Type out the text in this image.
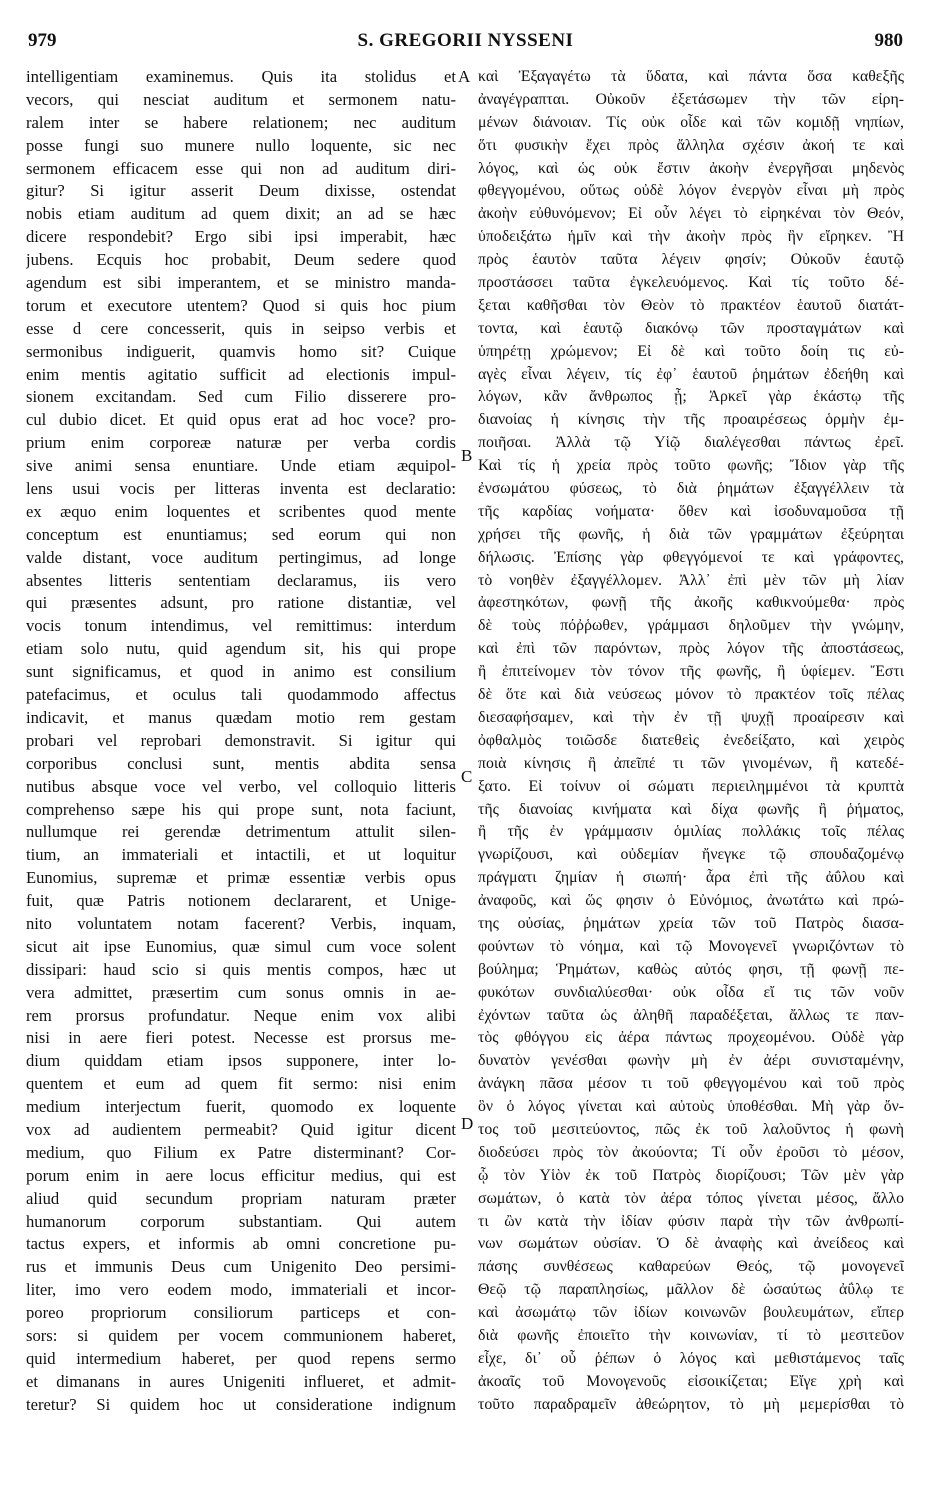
979	S. GREGORII NYSSENI	980
intelligentiam examinemus. Quis ita stolidus et
vecors, qui nesciat auditum et sermonem natu-
ralem inter se habere relationem; nec auditum
posse fungi suo munere nullo loquente, sic nec
sermonem efficacem esse qui non ad auditum diri-
gitur? Si igitur asserit Deum dixisse, ostendat
nobis etiam auditum ad quem dixit; an ad se hæc
dicere respondebit? Ergo sibi ipsi imperabit, hæc
jubens. Ecquis hoc probabit, Deum sedere quod
agendum est sibi imperantem, et se ministro manda-
torum et executore utentem? Quod si quis hoc pium
esse d cere concesserit, quis in seipso verbis et
sermonibus indiguerit, quamvis homo sit? Cuique
enim mentis agitatio sufficit ad electionis impul-
sionem excitandam. Sed cum Filio disserere pro-
cul dubio dicet. Et quid opus erat ad hoc voce? pro-
prium enim corporeæ naturæ per verba cordis
sive animi sensa enuntiare. Unde etiam æquipol-
lens usui vocis per litteras inventa est declaratio:
ex æquo enim loquentes et scribentes quod mente
conceptum est enuntiamus; sed eorum qui non
valde distant, voce auditum pertingimus, ad longe
absentes litteris sententiam declaramus, iis vero
qui præsentes adsunt, pro ratione distantiæ, vel
vocis tonum intendimus, vel remittimus: interdum
etiam solo nutu, quid agendum sit, his qui prope
sunt significamus, et quod in animo est consilium
patefacimus, et oculus tali quodammodo affectus
indicavit, et manus quædam motio rem gestam
probari vel reprobari demonstravit. Si igitur qui
corporibus conclusi sunt, mentis abdita sensa
nutibus absque voce vel verbo, vel colloquio litteris
comprehenso sæpe his qui prope sunt, nota faciunt,
nullumque rei gerendæ detrimentum attulit silen-
tium, an immateriali et intactili, et ut loquitur
Eunomius, supremæ et primæ essentiæ verbis opus
fuit, quæ Patris notionem declararent, et Unige-
nito voluntatem notam facerent? Verbis, inquam,
sicut ait ipse Eunomius, quæ simul cum voce solent
dissipari: haud scio si quis mentis compos, hæc ut
vera admittet, præsertim cum sonus omnis in ae-
rem prorsus profundatur. Neque enim vox alibi
nisi in aere fieri potest. Necesse est prorsus me-
dium quiddam etiam ipsos supponere, inter lo-
quentem et eum ad quem fit sermo: nisi enim
medium interjectum fuerit, quomodo ex loquente
vox ad audientem permeabit? Quid igitur dicent
medium, quo Filium ex Patre disterminant? Cor-
porum enim in aere locus efficitur medius, qui est
aliud quid secundum propriam naturam præter
humanorum corporum substantiam. Qui autem
tactus expers, et informis ab omni concretione pu-
rus et immunis Deus cum Unigenito Deo persimi-
liter, imo vero eodem modo, immateriali et incor-
poreo propriorum consiliorum particeps et con-
sors: si quidem per vocem communionem haberet,
quid intermedium haberet, per quod repens sermo
et dimanans in aures Unigeniti influeret, et admit-
teretur? Si quidem hoc ut considerationе indignum
A
B
C
D
καὶ Ἐξαγαγέτω τὰ ὕδατα, καὶ πάντα ὅσα καθεξῆς
ἀναγέγραπται. Οὐκοῦν ἐξετάσωμεν τὴν τῶν εἰρη-
μένων διάνοιαν. Τίς οὐκ οἶδε καὶ τῶν κομιδῇ νηπίων,
ὅτι φυσικὴν ἔχει πρὸς ἄλληλα σχέσιν ἀκοή τε καὶ
λόγος, καὶ ὡς οὐκ ἔστιν ἀκοὴν ἐνεργῆσαι μηδενὸς
φθεγγομένου, οὕτως οὐδὲ λόγον ἐνεργὸν εἶναι μὴ πρὸς
ἀκοὴν εὐθυνόμενον; Εἰ οὖν λέγει τὸ εἰρηκέναι τὸν Θεόν,
ὑποδειξάτω ἡμῖν καὶ τὴν ἀκοὴν πρὸς ἣν εἴρηκεν. Ἢ
πρὸς ἑαυτὸν ταῦτα λέγειν φησίν; Οὐκοῦν ἑαυτῷ
προστάσσει ταῦτα ἐγκελευόμενος. Καὶ τίς τοῦτο δέ-
ξεται καθῆσθαι τὸν Θεὸν τὸ πρακτέον ἑαυτοῦ διατάτ-
τοντα, καὶ ἑαυτῷ διακόνῳ τῶν προσταγμάτων καὶ
ὑπηρέτῃ χρώμενον; Εἰ δὲ καὶ τοῦτο δοίη τις εὐ-
αγὲς εἶναι λέγειν, τίς ἐφ᾽ ἑαυτοῦ ῥημάτων ἐδεήθη καὶ
λόγων, κἂν ἄνθρωπος ᾖ; Ἀρκεῖ γὰρ ἑκάστῳ τῆς
διανοίας ἡ κίνησις τὴν τῆς προαιρέσεως ὁρμὴν ἐμ-
ποιῆσαι. Ἀλλὰ τῷ Υἱῷ διαλέγεσθαι πάντως ἐρεῖ.
Καὶ τίς ἡ χρεία πρὸς τοῦτο φωνῆς; Ἴδιον γὰρ τῆς
ἐνσωμάτου φύσεως, τὸ διὰ ῥημάτων ἐξαγγέλλειν τὰ
τῆς καρδίας νοήματα· ὅθεν καὶ ἰσοδυναμοῦσα τῇ
χρήσει τῆς φωνῆς, ἡ διὰ τῶν γραμμάτων ἐξεύρηται
δήλωσις. Ἐπίσης γὰρ φθεγγόμενοί τε καὶ γράφοντες,
τὸ νοηθὲν ἐξαγγέλλομεν. Ἀλλ᾽ ἐπὶ μὲν τῶν μὴ λίαν
ἀφεστηκότων, φωνῇ τῆς ἀκοῆς καθικνούμεθα· πρὸς
δὲ τοὺς πόῤῥωθεν, γράμμασι δηλοῦμεν τὴν γνώμην,
καὶ ἐπὶ τῶν παρόντων, πρὸς λόγον τῆς ἀποστάσεως,
ἢ ἐπιτείνομεν τὸν τόνον τῆς φωνῆς, ἢ ὑφίεμεν. Ἔστι
δὲ ὅτε καὶ διὰ νεύσεως μόνον τὸ πρακτέον τοῖς πέλας
διεσαφήσαμεν, καὶ τὴν ἐν τῇ ψυχῇ προαίρεσιν καὶ
ὀφθαλμὸς τοιῶσδε διατεθεὶς ἐνεδείξατο, καὶ χειρὸς
ποιὰ κίνησις ἢ ἀπεῖπέ τι τῶν γινομένων, ἢ κατεδέ-
ξατο. Εἰ τοίνυν οἱ σώματι περιειλημμένοι τὰ κρυπτὰ
τῆς διανοίας κινήματα καὶ δίχα φωνῆς ἢ ῥήματος,
ἢ τῆς ἐν γράμμασιν ὁμιλίας πολλάκις τοῖς πέλας
γνωρίζουσι, καὶ οὐδεμίαν ἤνεγκε τῷ σπουδαζομένῳ
πράγματι ζημίαν ἡ σιωπή· ἆρα ἐπὶ τῆς ἀΰλου καὶ
ἀναφοῦς, καὶ ὥς φησιν ὁ Εὐνόμιος, ἀνωτάτω καὶ πρώ-
της οὐσίας, ῥημάτων χρεία τῶν τοῦ Πατρὸς διασα-
φούντων τὸ νόημα, καὶ τῷ Μονογενεῖ γνωριζόντων τὸ
βούλημα; Ῥημάτων, καθὼς αὐτός φησι, τῇ φωνῇ πε-
φυκότων συνδιαλύεσθαι· οὐκ οἶδα εἴ τις τῶν νοῦν
ἐχόντων ταῦτα ὡς ἀληθῆ παραδέξεται, ἄλλως τε παν-
τὸς φθόγγου εἰς ἀέρα πάντως προχεομένου. Οὐδὲ γὰρ
δυνατὸν γενέσθαι φωνὴν μὴ ἐν ἀέρι συνισταμένην,
ἀνάγκη πᾶσα μέσον τι τοῦ φθεγγομένου καὶ τοῦ πρὸς
ὃν ὁ λόγος γίνεται καὶ αὐτοὺς ὑποθέσθαι. Μὴ γὰρ ὄν-
τος τοῦ μεσιτεύοντος, πῶς ἐκ τοῦ λαλοῦντος ἡ φωνὴ
διοδεύσει πρὸς τὸν ἀκούοντα; Τί οὖν ἐροῦσι τὸ μέσον,
ᾧ τὸν Υἱὸν ἐκ τοῦ Πατρὸς διορίζουσι; Τῶν μὲν γὰρ
σωμάτων, ὁ κατὰ τὸν ἀέρα τόπος γίνεται μέσος, ἄλλο
τι ὢν κατὰ τὴν ἰδίαν φύσιν παρὰ τὴν τῶν ἀνθρωπί-
νων σωμάτων οὐσίαν. Ὁ δὲ ἀναφὴς καὶ ἀνείδεος καὶ
πάσης συνθέσεως καθαρεύων Θεός, τῷ μονογενεῖ
Θεῷ τῷ παραπλησίως, μᾶλλον δὲ ὡσαύτως ἀΰλῳ τε
καὶ ἀσωμάτῳ τῶν ἰδίων κοινωνῶν βουλευμάτων, εἴπερ
διὰ φωνῆς ἐποιεῖτο τὴν κοινωνίαν, τί τὸ μεσιτεῦον
εἶχε, δι᾽ οὗ ῥέπων ὁ λόγος καὶ μεθιστάμενος ταῖς
ἀκοαῖς τοῦ Μονογενοῦς εἰσοικίζεται; Εἴγε χρὴ καὶ
τοῦτο παραδραμεῖν ἀθεώρητον, τὸ μὴ μεμερίσθαι τὸ
